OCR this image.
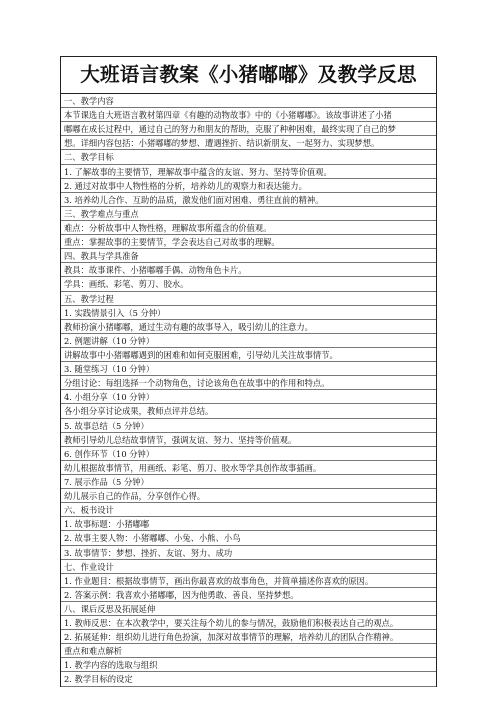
大班语言教案《小猪嘟嘟》及教学反思
一、教学内容
本节课选自大班语言教材第四章《有趣的动物故事》中的《小猪嘟嘟》。该故事讲述了小猪
嘟嘟在成长过程中，通过自己的努力和朋友的帮助，克服了种种困难，最终实现了自己的梦
想。详细内容包括：小猪嘟嘟的梦想、遭遇挫折、结识新朋友、一起努力、实现梦想。
二、教学目标
1. 了解故事的主要情节，理解故事中蕴含的友谊、努力、坚持等价值观。
2. 通过对故事中人物性格的分析，培养幼儿的观察力和表达能力。
3. 培养幼儿合作、互助的品质，激发他们面对困难、勇往直前的精神。
三、教学难点与重点
难点：分析故事中人物性格，理解故事所蕴含的价值观。
重点：掌握故事的主要情节，学会表达自己对故事的理解。
四、教具与学具准备
教具：故事课件、小猪嘟嘟手偶、动物角色卡片。
学具：画纸、彩笔、剪刀、胶水。
五、教学过程
1. 实践情景引入（5 分钟）
教师扮演小猪嘟嘟，通过生动有趣的故事导入，吸引幼儿的注意力。
2. 例题讲解（10 分钟）
讲解故事中小猪嘟嘟遇到的困难和如何克服困难，引导幼儿关注故事情节。
3. 随堂练习（10 分钟）
分组讨论：每组选择一个动物角色，讨论该角色在故事中的作用和特点。
4. 小组分享（10 分钟）
各小组分享讨论成果，教师点评并总结。
5. 故事总结（5 分钟）
教师引导幼儿总结故事情节，强调友谊、努力、坚持等价值观。
6. 创作环节（10 分钟）
幼儿根据故事情节，用画纸、彩笔、剪刀、胶水等学具创作故事插画。
7. 展示作品（5 分钟）
幼儿展示自己的作品，分享创作心得。
六、板书设计
1. 故事标题：小猪嘟嘟
2. 故事主要人物：小猪嘟嘟、小兔、小熊、小鸟
3. 故事情节：梦想、挫折、友谊、努力、成功
七、作业设计
1. 作业题目：根据故事情节，画出你最喜欢的故事角色，并简单描述你喜欢的原因。
2. 答案示例：我喜欢小猪嘟嘟，因为他勇敢、善良、坚持梦想。
八、课后反思及拓展延伸
1. 教师反思：在本次教学中，要关注每个幼儿的参与情况，鼓励他们积极表达自己的观点。
2. 拓展延伸：组织幼儿进行角色扮演，加深对故事情节的理解，培养幼儿的团队合作精神。
重点和难点解析
1. 教学内容的选取与组织
2. 教学目标的设定
